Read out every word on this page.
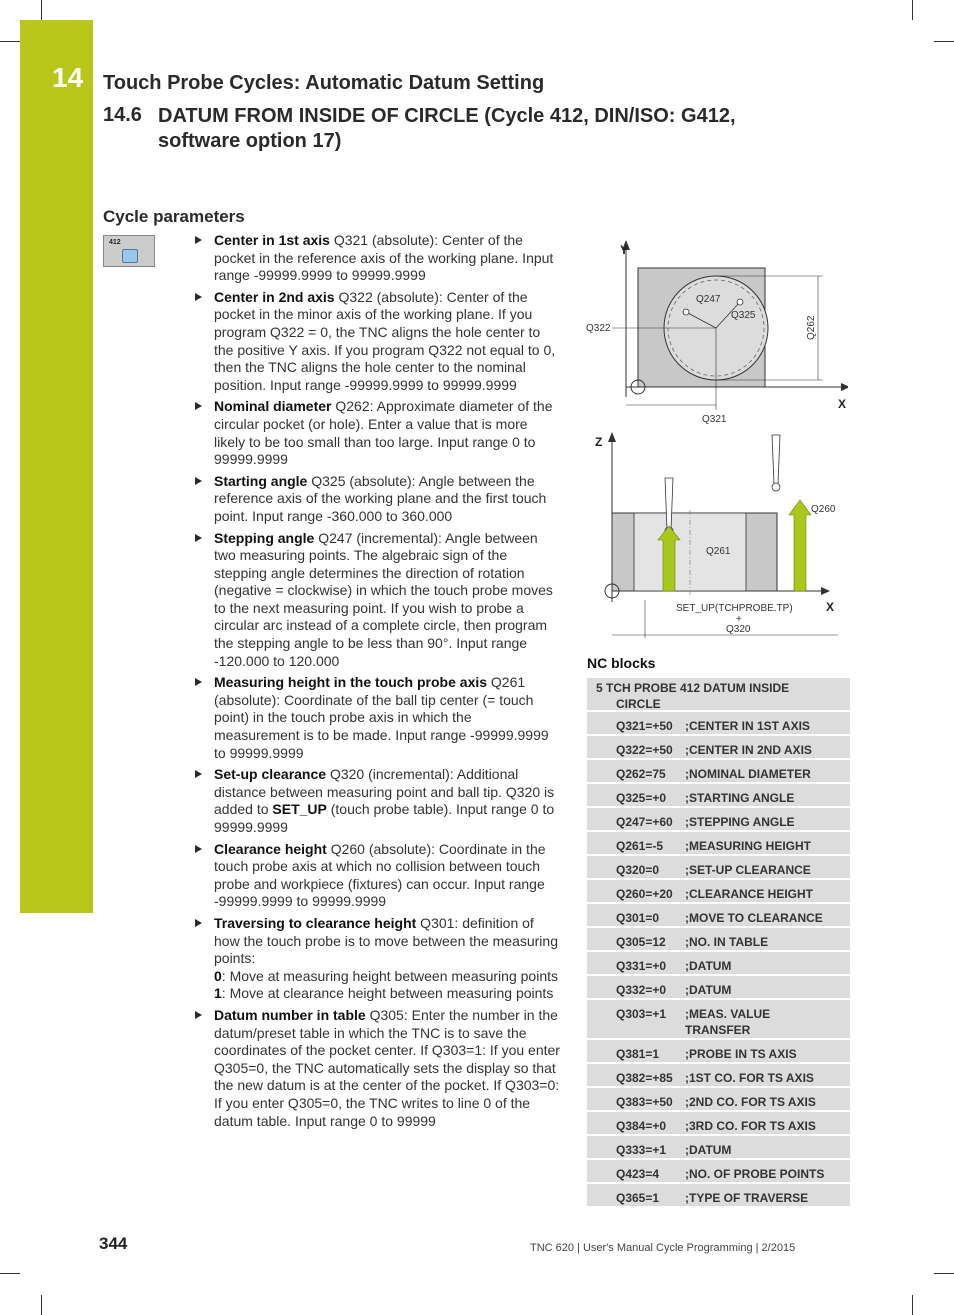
14 Touch Probe Cycles: Automatic Datum Setting
14.6 DATUM FROM INSIDE OF CIRCLE (Cycle 412, DIN/ISO: G412,
software option 17)
Cycle parameters
412	Center in 1st axis Q321 (absolute): Center of the pocket in the reference axis of the working plane. Input range -99999.9999 to 99999.9999
Center in 2nd axis Q322 (absolute): Center of the pocket in the minor axis of the working plane. If you program Q322 = 0, the TNC aligns the hole center to the positive Y axis. If you program Q322 not equal to 0, then the TNC aligns the hole center to the nominal position. Input range -99999.9999 to 99999.9999
Nominal diameter Q262: Approximate diameter of the circular pocket (or hole). Enter a value that is more likely to be too small than too large. Input range 0 to 99999.9999
Starting angle Q325 (absolute): Angle between the reference axis of the working plane and the first touch point. Input range -360.000 to 360.000
Stepping angle Q247 (incremental): Angle between two measuring points. The algebraic sign of the stepping angle determines the direction of rotation (negative = clockwise) in which the touch probe moves to the next measuring point. If you wish to probe a circular arc instead of a complete circle, then program the stepping angle to be less than 90°. Input range -120.000 to 120.000
Measuring height in the touch probe axis Q261 (absolute): Coordinate of the ball tip center (= touch point) in the touch probe axis in which the measurement is to be made. Input range -99999.9999 to 99999.9999
Set-up clearance Q320 (incremental): Additional distance between measuring point and ball tip. Q320 is added to SET_UP (touch probe table). Input range 0 to 99999.9999
Clearance height Q260 (absolute): Coordinate in the touch probe axis at which no collision between touch probe and workpiece (fixtures) can occur. Input range -99999.9999 to 99999.9999
Traversing to clearance height Q301: definition of how the touch probe is to move between the measuring points:
0: Move at measuring height between measuring points
1: Move at clearance height between measuring points
Datum number in table Q305: Enter the number in the datum/preset table in which the TNC is to save the coordinates of the pocket center. If Q303=1: If you enter Q305=0, the TNC automatically sets the display so that the new datum is at the center of the pocket. If Q303=0: If you enter Q305=0, the TNC writes to line 0 of the datum table. Input range 0 to 99999
Y
X
Q247
Q325
Q322	Q262
Q321
Z
X
Q261
Q260
SET_UP(TCHPROBE.TP)
+
Q320
NC blocks
5 TCH PROBE 412 DATUM INSIDE
CIRCLE
Q321=+50	;CENTER IN 1ST AXIS
Q322=+50	;CENTER IN 2ND AXIS
Q262=75	;NOMINAL DIAMETER
Q325=+0	;STARTING ANGLE
Q247=+60	;STEPPING ANGLE
Q261=-5	;MEASURING HEIGHT
Q320=0	;SET-UP CLEARANCE
Q260=+20	;CLEARANCE HEIGHT
Q301=0	;MOVE TO CLEARANCE
Q305=12	;NO. IN TABLE
Q331=+0	;DATUM
Q332=+0	;DATUM
Q303=+1	;MEAS. VALUE TRANSFER
Q381=1	;PROBE IN TS AXIS
Q382=+85	;1ST CO. FOR TS AXIS
Q383=+50	;2ND CO. FOR TS AXIS
Q384=+0	;3RD CO. FOR TS AXIS
Q333=+1	;DATUM
Q423=4	;NO. OF PROBE POINTS
Q365=1	;TYPE OF TRAVERSE
344	TNC 620 | User's Manual Cycle Programming | 2/2015
